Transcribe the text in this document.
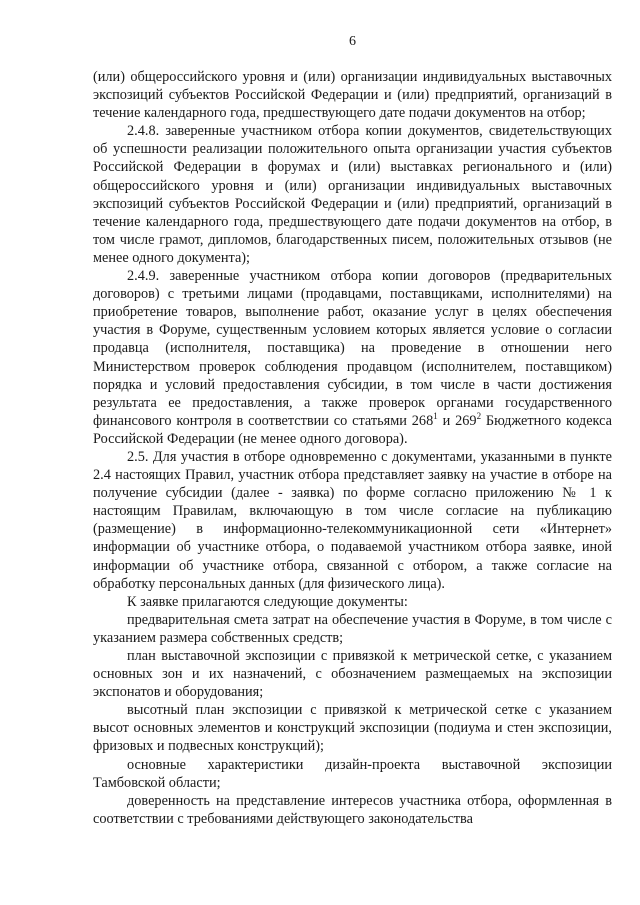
6

(или) общероссийского уровня и (или) организации индивидуальных выставочных экспозиций субъектов Российской Федерации и (или) предприятий, организаций в течение календарного года, предшествующего дате подачи документов на отбор;

2.4.8. заверенные участником отбора копии документов, свидетельствующих об успешности реализации положительного опыта организации участия субъектов Российской Федерации в форумах и (или) выставках регионального и (или) общероссийского уровня и (или) организации индивидуальных выставочных экспозиций субъектов Российской Федерации и (или) предприятий, организаций в течение календарного года, предшествующего дате подачи документов на отбор, в том числе грамот, дипломов, благодарственных писем, положительных отзывов (не менее одного документа);

2.4.9. заверенные участником отбора копии договоров (предварительных договоров) с третьими лицами (продавцами, поставщиками, исполнителями) на приобретение товаров, выполнение работ, оказание услуг в целях обеспечения участия в Форуме, существенным условием которых является условие о согласии продавца (исполнителя, поставщика) на проведение в отношении него Министерством проверок соблюдения продавцом (исполнителем, поставщиком) порядка и условий предоставления субсидии, в том числе в части достижения результата ее предоставления, а также проверок органами государственного финансового контроля в соответствии со статьями $268^1$ и $269^2$ Бюджетного кодекса Российской Федерации (не менее одного договора).

2.5. Для участия в отборе одновременно с документами, указанными в пункте 2.4 настоящих Правил, участник отбора представляет заявку на участие в отборе на получение субсидии (далее - заявка) по форме согласно приложению № 1 к настоящим Правилам, включающую в том числе согласие на публикацию (размещение) в информационно-телекоммуникационной сети «Интернет» информации об участнике отбора, о подаваемой участником отбора заявке, иной информации об участнике отбора, связанной с отбором, а также согласие на обработку персональных данных (для физического лица).

К заявке прилагаются следующие документы:

предварительная смета затрат на обеспечение участия в Форуме, в том числе с указанием размера собственных средств;

план выставочной экспозиции с привязкой к метрической сетке, с указанием основных зон и их назначений, с обозначением размещаемых на экспозиции экспонатов и оборудования;

высотный план экспозиции с привязкой к метрической сетке с указанием высот основных элементов и конструкций экспозиции (подиума и стен экспозиции, фризовых и подвесных конструкций);

основные характеристики дизайн-проекта выставочной экспозиции Тамбовской области;

доверенность на представление интересов участника отбора, оформленная в соответствии с требованиями действующего законодательства
